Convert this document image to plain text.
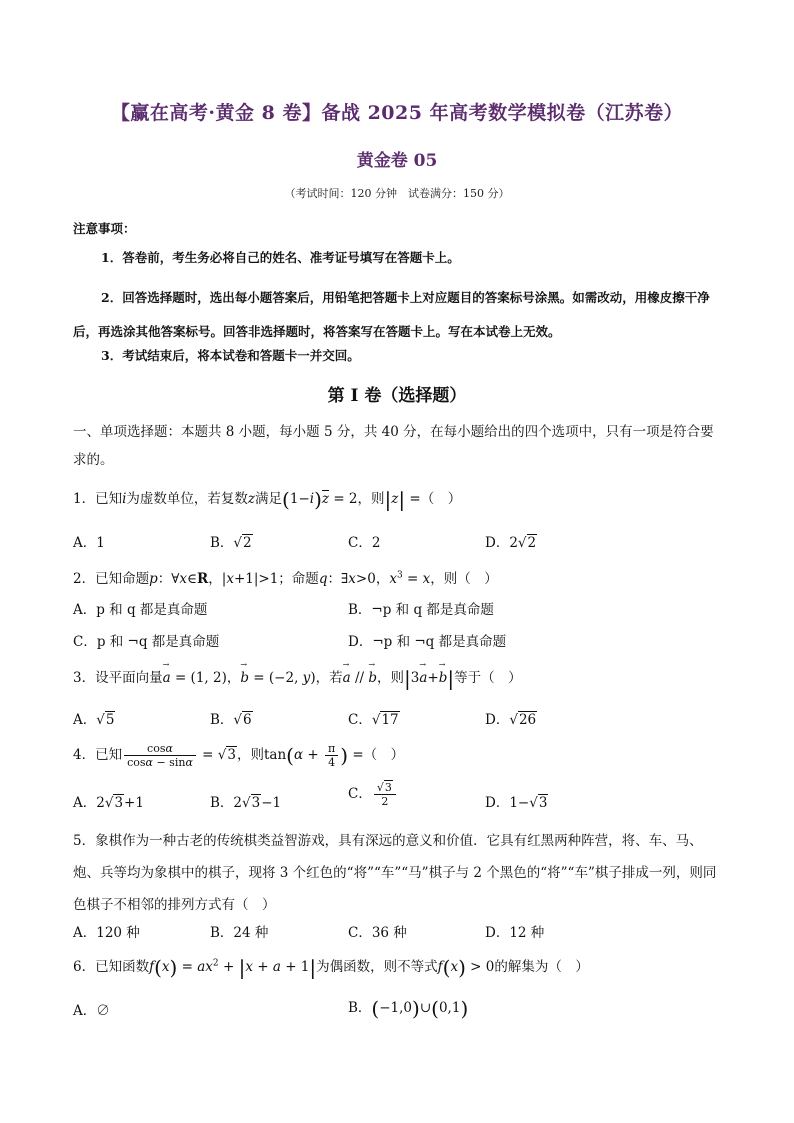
【赢在高考·黄金 8 卷】备战 2025 年高考数学模拟卷（江苏卷）
黄金卷 05
（考试时间：120 分钟　试卷满分：150 分）
注意事项：
1．答卷前，考生务必将自己的姓名、准考证号填写在答题卡上。
2．回答选择题时，选出每小题答案后，用铅笔把答题卡上对应题目的答案标号涂黑。如需改动，用橡皮擦干净后，再选涂其他答案标号。回答非选择题时，将答案写在答题卡上。写在本试卷上无效。
3．考试结束后，将本试卷和答题卡一并交回。
第 I 卷（选择题）
一、单项选择题：本题共 8 小题，每小题 5 分，共 40 分，在每小题给出的四个选项中，只有一项是符合要求的。
1．已知i为虚数单位，若复数z满足(1−i)z = 2，则|z| =（　）
A．1	B．√2	C．2	D．2√2
2．已知命题p：∀x∈R，|x+1|>1；命题q：∃x>0，$x^3 = x$，则（　）
A．p 和 q 都是真命题	B．¬p 和 q 都是真命题
C．p 和 ¬q 都是真命题	D．¬p 和 ¬q 都是真命题
3．设平面向量→ a = (1, 2)，→ b = (−2, y)，若→ a // → b，则|3→ a+→ b|等于（　）
A．√5	B．√6	C．√17	D．√26
4．已知 $\frac{\cos\alpha}{\cos\alpha - \sin\alpha} = √3$，则$\tan(\alpha + \frac{\pi}{4}$ ) =（　）
A．2√3+1	B．2√3−1
C． $\frac{√3}{2}$	D．1−√3
5．象棋作为一种古老的传统棋类益智游戏，具有深远的意义和价值．它具有红黑两种阵营，将、车、马、炮、兵等均为象棋中的棋子，现将 3 个红色的“将”“车”“马”棋子与 2 个黑色的“将”“车”棋子排成一列，则同色棋子不相邻的排列方式有（　）
A．120 种	B．24 种	C．36 种	D．12 种
6．已知函数$f(x) = ax^2 + |x + a + 1|$为偶函数，则不等式f(x) > 0的解集为（　）
A．∅	B．(−1,0)∪(0,1)
